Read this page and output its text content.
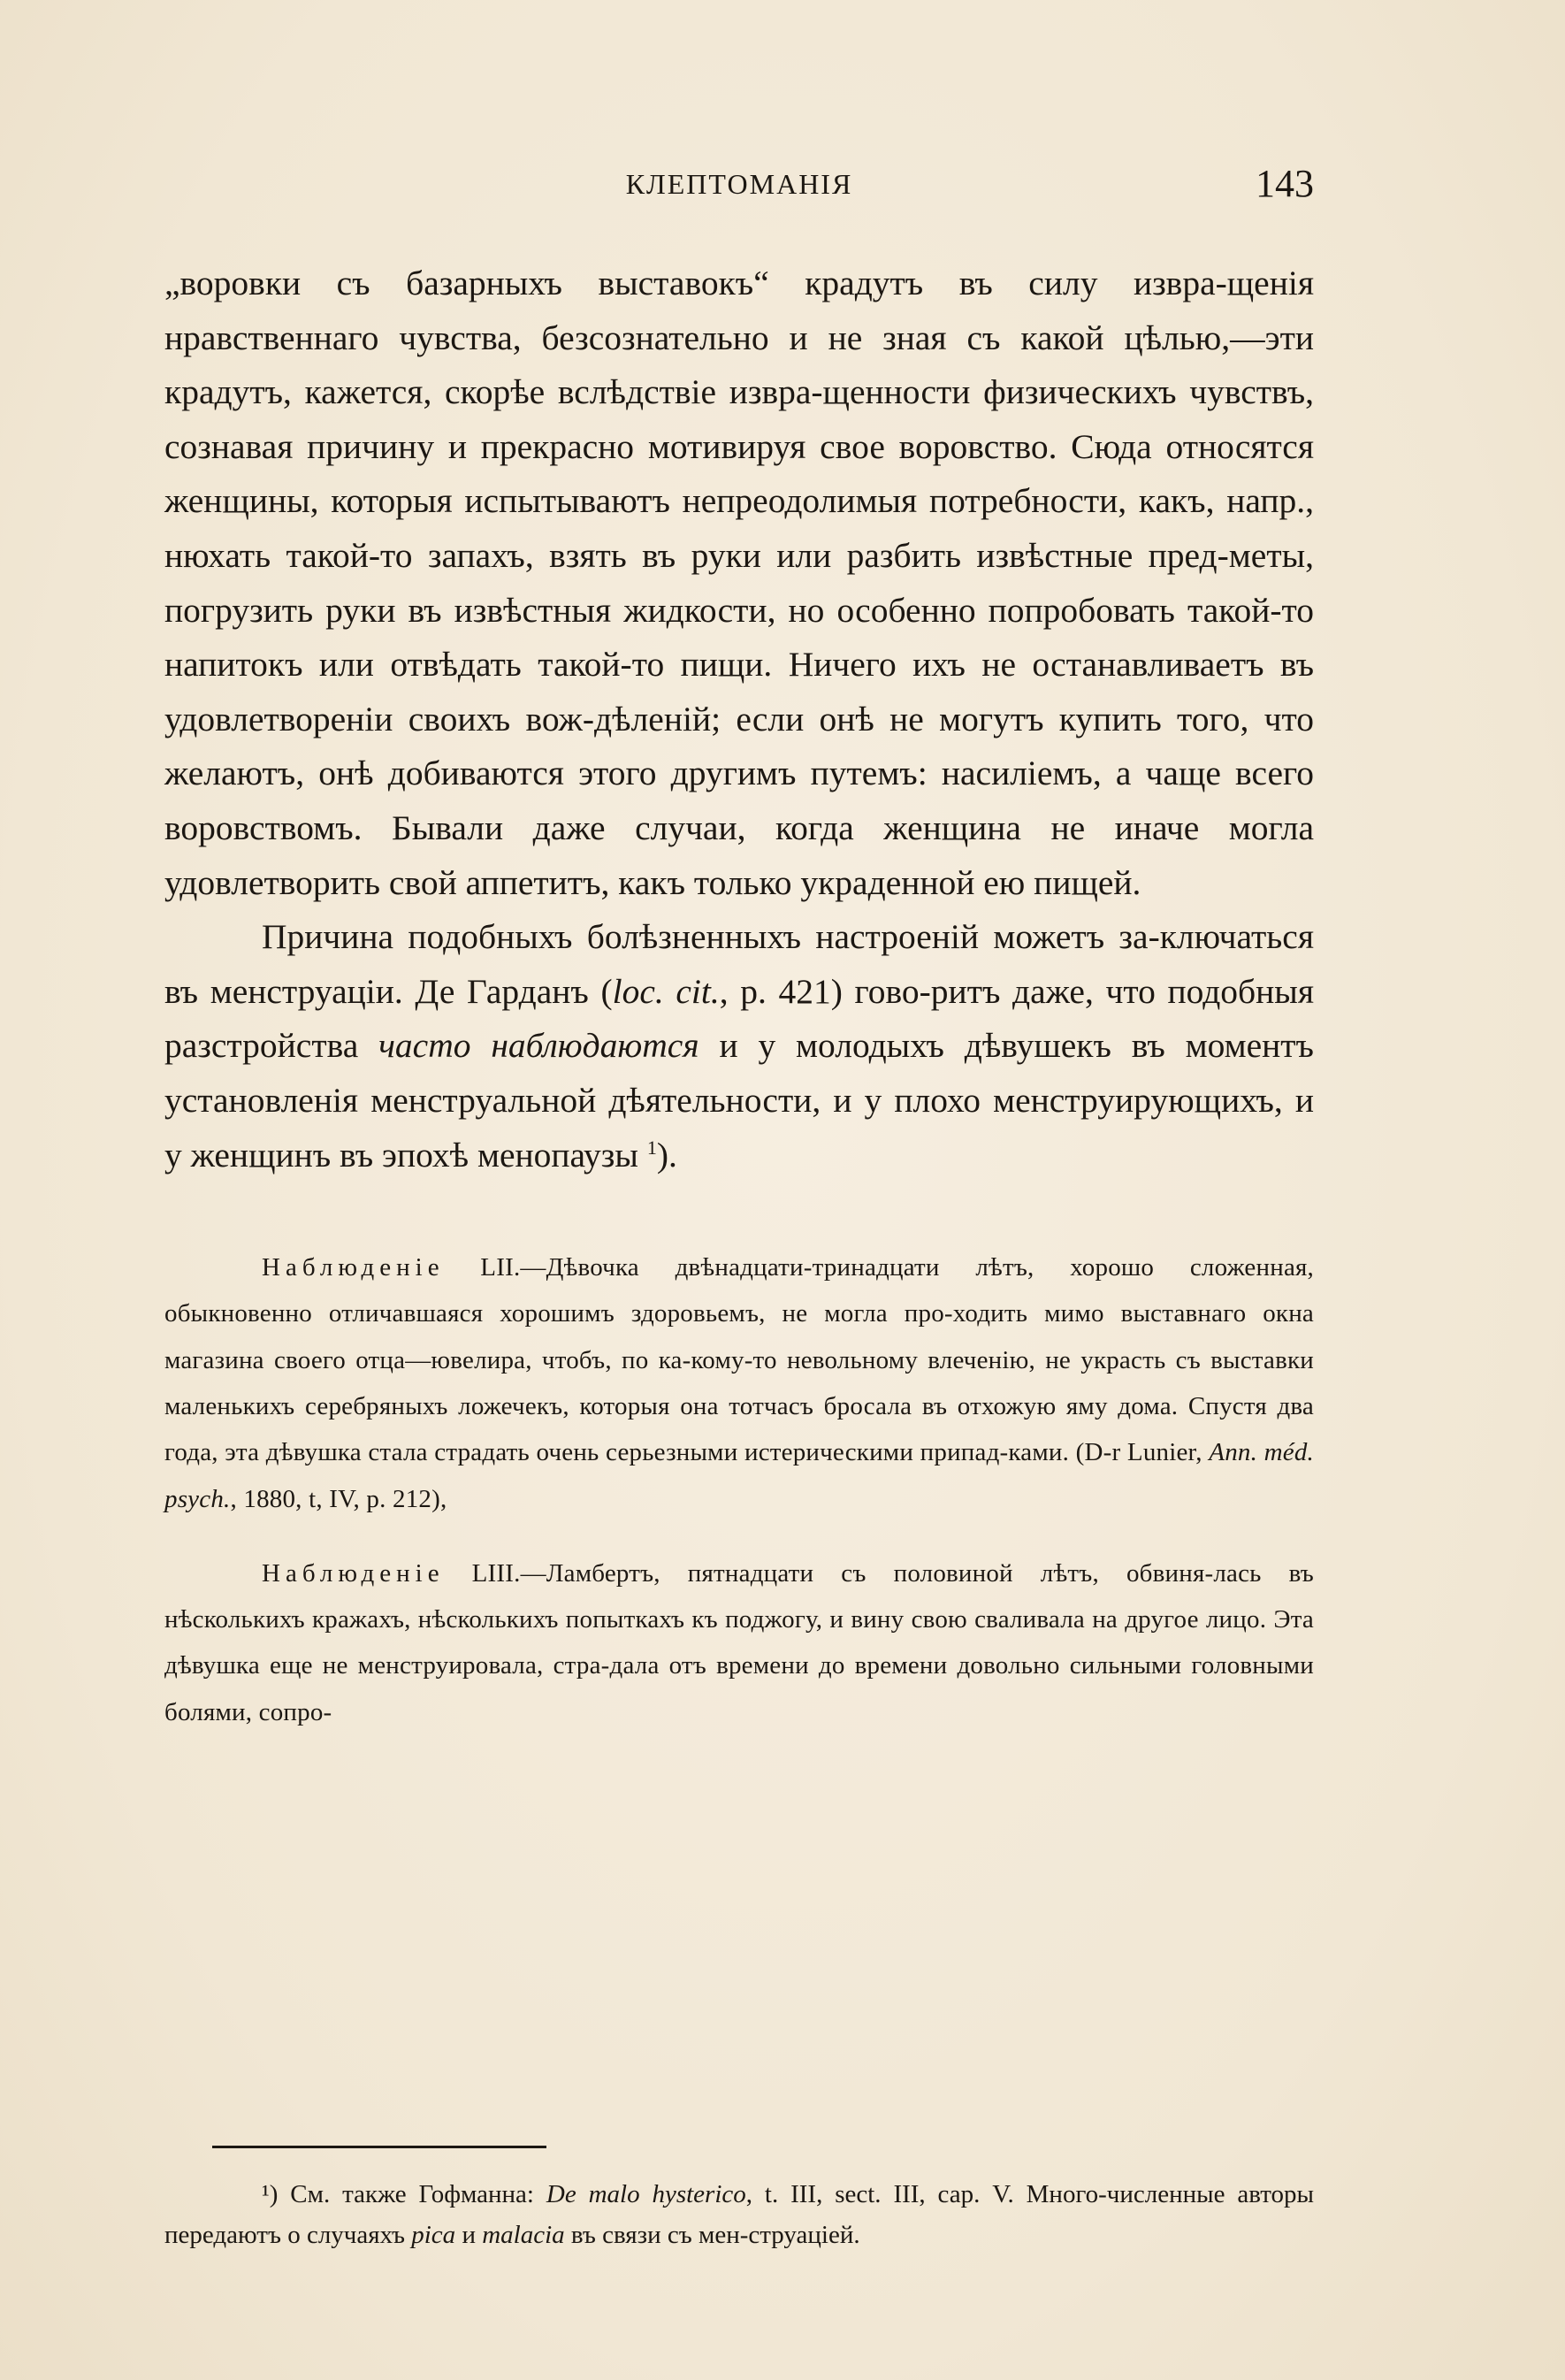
КЛЕПТОМАНІЯ	143

„воровки съ базарныхъ выставокъ“ крадутъ въ силу извра-щенія нравственнаго чувства, безсознательно и не зная съ какой цѣлью,—эти крадутъ, кажется, скорѣе вслѣдствіе извра-щенности физическихъ чувствъ, сознавая причину и прекрасно мотивируя свое воровство. Сюда относятся женщины, которыя испытываютъ непреодолимыя потребности, какъ, напр., нюхать такой-то запахъ, взять въ руки или разбить извѣстные пред-меты, погрузить руки въ извѣстныя жидкости, но особенно попробовать такой-то напитокъ или отвѣдать такой-то пищи. Ничего ихъ не останавливаетъ въ удовлетвореніи своихъ вож-дѣленій; если онѣ не могутъ купить того, что желаютъ, онѣ добиваются этого другимъ путемъ: насиліемъ, а чаще всего воровствомъ. Бывали даже случаи, когда женщина не иначе могла удовлетворить свой аппетитъ, какъ только украденной ею пищей.

Причина подобныхъ болѣзненныхъ настроеній можетъ за-ключаться въ менструаціи. Де Гарданъ (loc. cit., р. 421) гово-ритъ даже, что подобныя разстройства часто наблюдаются и у молодыхъ дѣвушекъ въ моментъ установленія менструальной дѣятельности, и у плохо менструирующихъ, и у женщинъ въ эпохѣ менопаузы $^1$).

Наблюденіе LII.—Дѣвочка двѣнадцати-тринадцати лѣтъ, хорошо сложенная, обыкновенно отличавшаяся хорошимъ здоровьемъ, не могла про-ходить мимо выставнаго окна магазина своего отца—ювелира, чтобъ, по ка-кому-то невольному влеченію, не украсть съ выставки маленькихъ серебряныхъ ложечекъ, которыя она тотчасъ бросала въ отхожую яму дома. Спустя два года, эта дѣвушка стала страдать очень серьезными истерическими припад-ками. (D-r Lunier, Ann. méd. psych., 1880, t, IV, р. 212),

Наблюденіе LIII.—Ламбертъ, пятнадцати съ половиной лѣтъ, обвиня-лась въ нѣсколькихъ кражахъ, нѣсколькихъ попыткахъ къ поджогу, и вину свою сваливала на другое лицо. Эта дѣвушка еще не менструировала, стра-дала отъ времени до времени довольно сильными головными болями, сопро-

¹) См. также Гофманна: De malo hysterico, t. III, sect. III, сар. V. Много-численные авторы передаютъ о случаяхъ pica и malacia въ связи съ мен-струаціей.
